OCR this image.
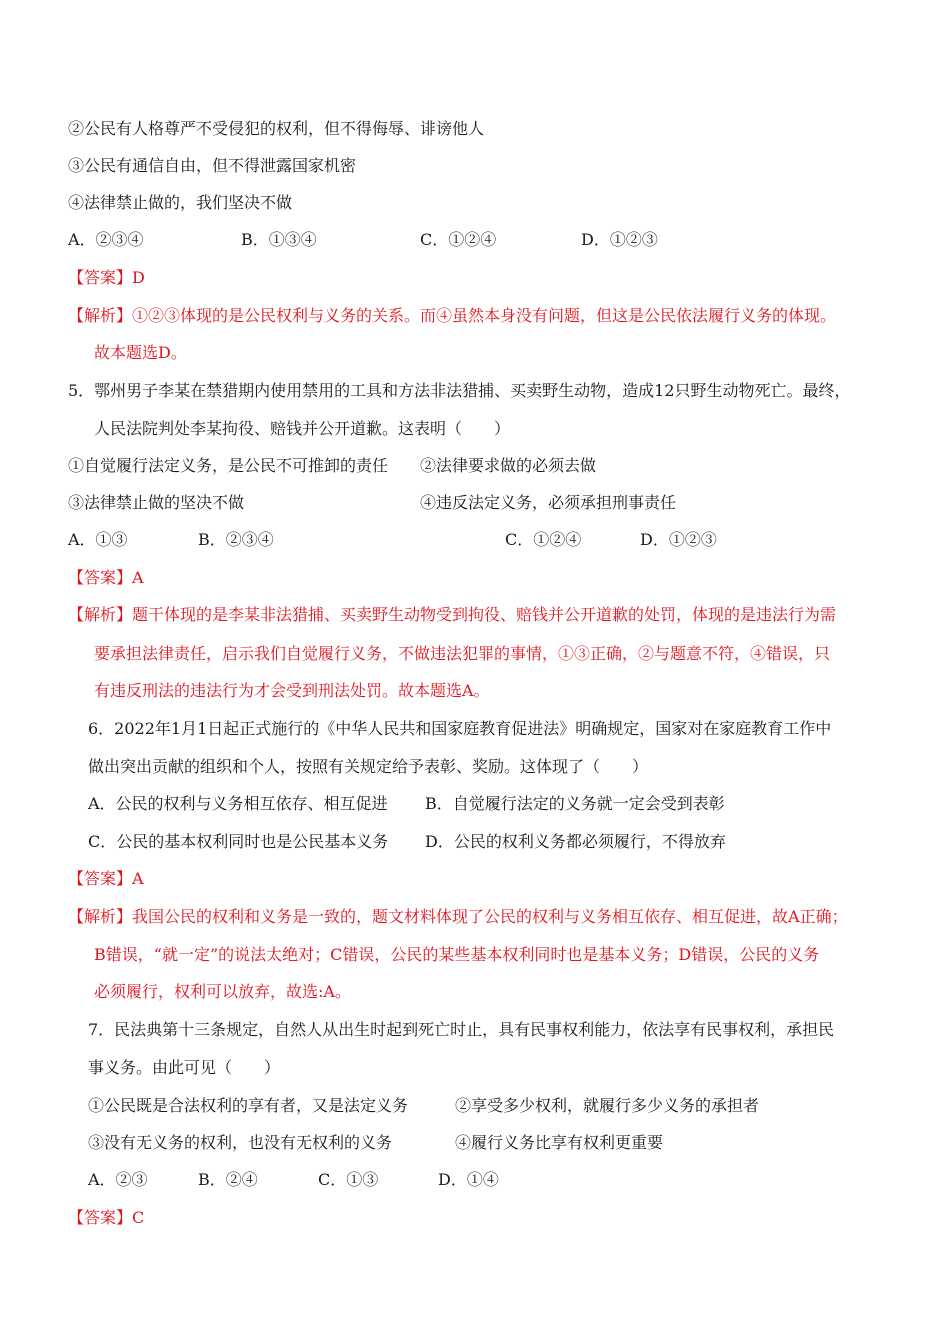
②公民有人格尊严不受侵犯的权利，但不得侮辱、诽谤他人
③公民有通信自由，但不得泄露国家机密
④法律禁止做的，我们坚决不做
A．②③④	B．①③④	C．①②④	D．①②③
【答案】D
【解析】①②③体现的是公民权利与义务的关系。而④虽然本身没有问题，但这是公民依法履行义务的体现。
故本题选D。
5．鄂州男子李某在禁猎期内使用禁用的工具和方法非法猎捕、买卖野生动物，造成12只野生动物死亡。最终，
人民法院判处李某拘役、赔钱并公开道歉。这表明（　　）
①自觉履行法定义务，是公民不可推卸的责任 ②法律要求做的必须去做
③法律禁止做的坚决不做	④违反法定义务，必须承担刑事责任
A．①③	B．②③④	C．①②④	D．①②③
【答案】A
【解析】题干体现的是李某非法猎捕、买卖野生动物受到拘役、赔钱并公开道歉的处罚，体现的是违法行为需
要承担法律责任，启示我们自觉履行义务，不做违法犯罪的事情，①③正确，②与题意不符，④错误，只
有违反刑法的违法行为才会受到刑法处罚。故本题选A。
6．2022年1月1日起正式施行的《中华人民共和国家庭教育促进法》明确规定，国家对在家庭教育工作中
做出突出贡献的组织和个人，按照有关规定给予表彰、奖励。这体现了（　　）
A．公民的权利与义务相互依存、相互促进 B．自觉履行法定的义务就一定会受到表彰
C．公民的基本权利同时也是公民基本义务 D．公民的权利义务都必须履行，不得放弃
【答案】A
【解析】我国公民的权利和义务是一致的，题文材料体现了公民的权利与义务相互依存、相互促进，故A正确；
B错误，“就一定”的说法太绝对；C错误，公民的某些基本权利同时也是基本义务；D错误，公民的义务
必须履行，权利可以放弃，故选:A。
7．民法典第十三条规定，自然人从出生时起到死亡时止，具有民事权利能力，依法享有民事权利，承担民
事义务。由此可见（　　）
①公民既是合法权利的享有者，又是法定义务	②享受多少权利，就履行多少义务的承担者
③没有无义务的权利，也没有无权利的义务	④履行义务比享有权利更重要
A．②③	B．②④	C．①③	D．①④
【答案】C
